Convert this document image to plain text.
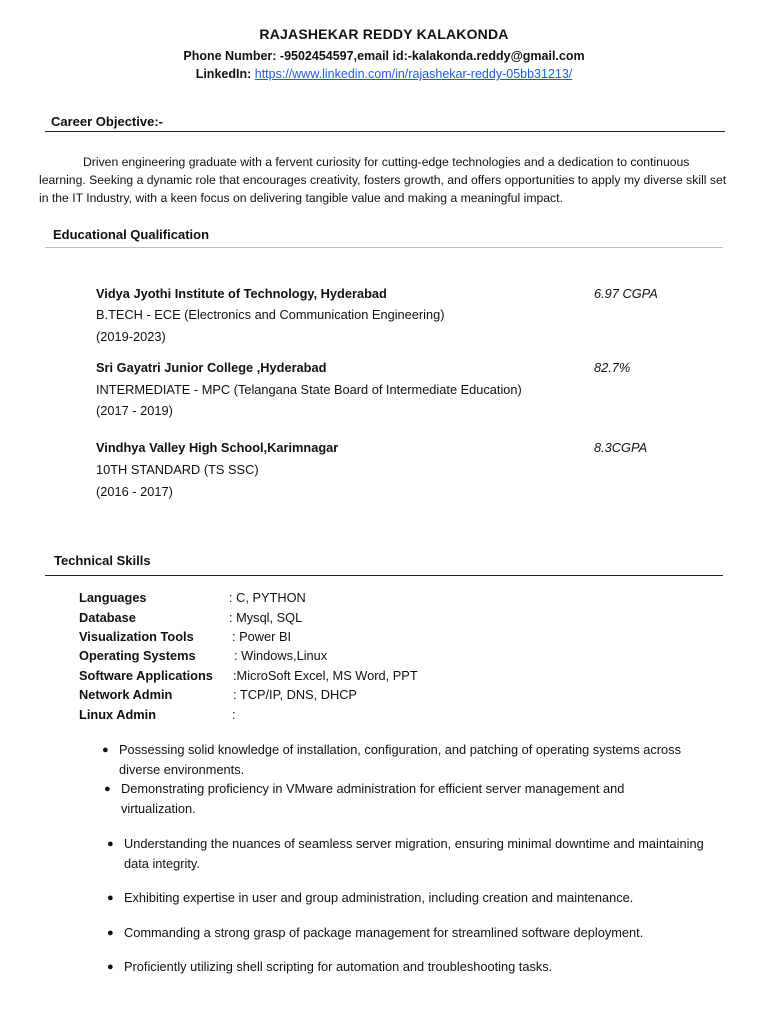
RAJASHEKAR REDDY KALAKONDA
Phone Number: -9502454597,email id:-kalakonda.reddy@gmail.com
LinkedIn: https://www.linkedin.com/in/rajashekar-reddy-05bb31213/
Career Objective:-
Driven engineering graduate with a fervent curiosity for cutting-edge technologies and a dedication to continuous learning. Seeking a dynamic role that encourages creativity, fosters growth, and offers opportunities to apply my diverse skill set in the IT Industry, with a keen focus on delivering tangible value and making a meaningful impact.
Educational Qualification
Vidya Jyothi Institute of Technology, Hyderabad	6.97 CGPA
B.TECH - ECE (Electronics and Communication Engineering)
(2019-2023)
Sri Gayatri Junior College ,Hyderabad	82.7%
INTERMEDIATE - MPC (Telangana State Board of Intermediate Education)
(2017 - 2019)
Vindhya Valley High School,Karimnagar	8.3CGPA
10TH STANDARD (TS SSC)
(2016 - 2017)
Technical Skills
Languages	: C, PYTHON
Database	: Mysql, SQL
Visualization Tools	: Power BI
Operating Systems	: Windows,Linux
Software Applications :MicroSoft Excel, MS Word, PPT
Network Admin	: TCP/IP, DNS, DHCP
Linux Admin	:
● Possessing solid knowledge of installation, configuration, and patching of operating systems across diverse environments.
● Demonstrating proficiency in VMware administration for efficient server management and virtualization.
● Understanding the nuances of seamless server migration, ensuring minimal downtime and maintaining data integrity.
● Exhibiting expertise in user and group administration, including creation and maintenance.
● Commanding a strong grasp of package management for streamlined software deployment.
● Proficiently utilizing shell scripting for automation and troubleshooting tasks.
